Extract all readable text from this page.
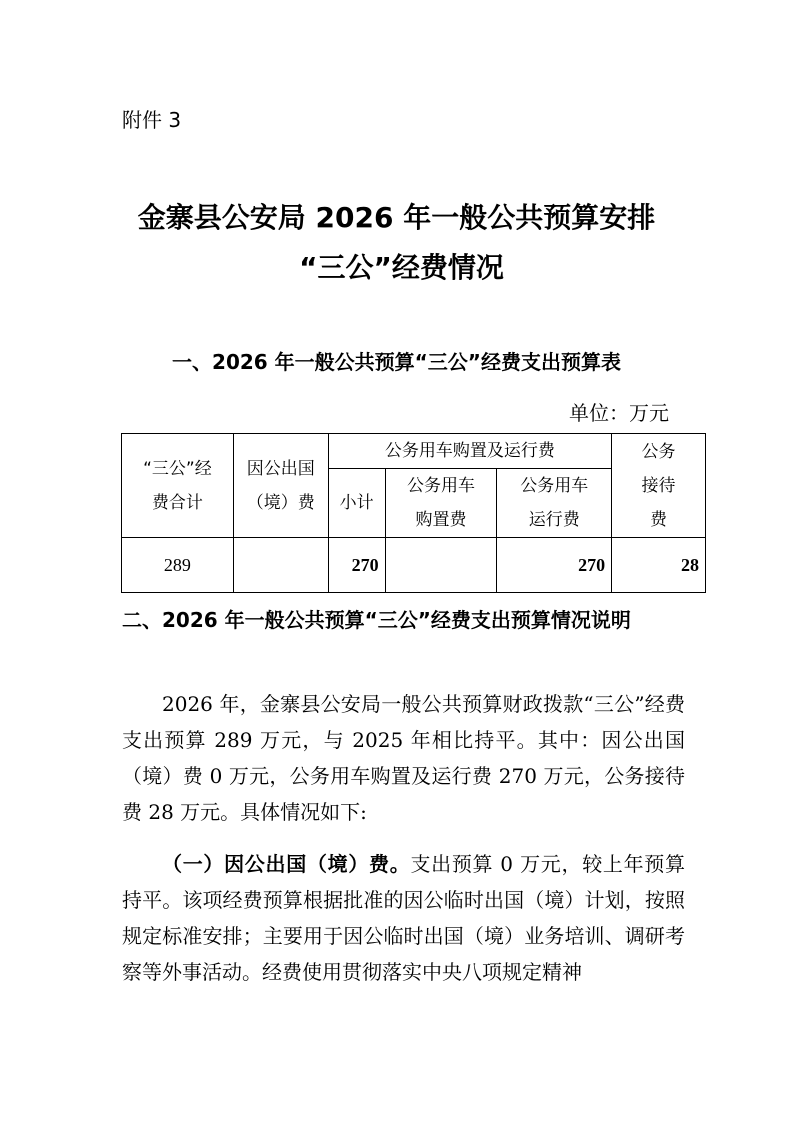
附件 3
金寨县公安局 2026 年一般公共预算安排
“三公”经费情况
一、2026 年一般公共预算“三公”经费支出预算表
单位：万元
“三公”经费合计	因公出国（境）费	公务用车购置及运行费			公务接待费
		小计	公务用车购置费	公务用车运行费	
289		270		270	28
二、2026 年一般公共预算“三公”经费支出预算情况说明
2026 年，金寨县公安局一般公共预算财政拨款“三公”经费支出预算 289 万元，与 2025 年相比持平。其中：因公出国（境）费 0 万元，公务用车购置及运行费 270 万元，公务接待费 28 万元。具体情况如下:
（一）因公出国（境）费。支出预算 0 万元，较上年预算持平。该项经费预算根据批准的因公临时出国（境）计划，按照规定标准安排；主要用于因公临时出国（境）业务培训、调研考察等外事活动。经费使用贯彻落实中央八项规定精神
